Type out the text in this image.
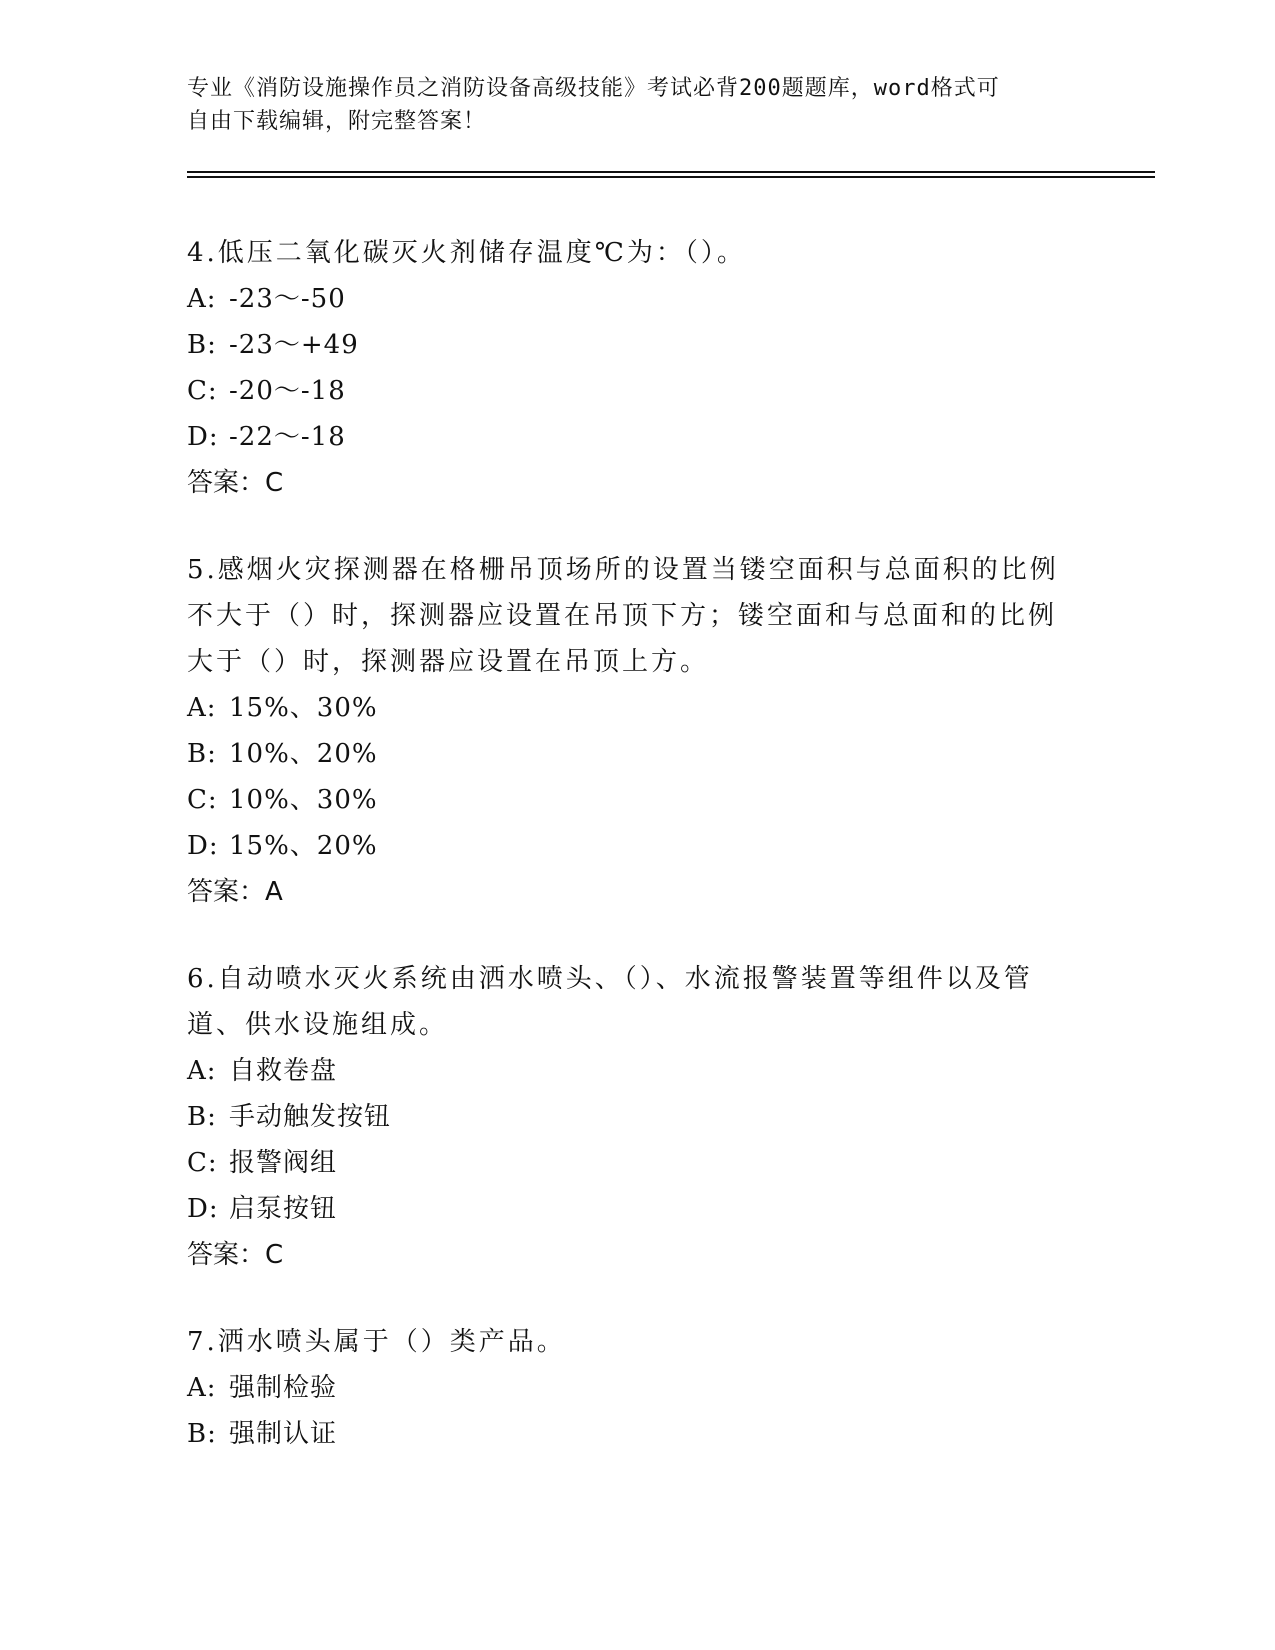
专业《消防设施操作员之消防设备高级技能》考试必背200题题库，word格式可
自由下载编辑，附完整答案！
4.低压二氧化碳灭火剂储存温度℃为：（）。
A: -23～-50
B: -23～+49
C: -20～-18
D: -22～-18
答案：C
5.感烟火灾探测器在格栅吊顶场所的设置当镂空面积与总面积的比例
不大于（）时，探测器应设置在吊顶下方；镂空面和与总面和的比例
大于（）时，探测器应设置在吊顶上方。
A: 15%、30%
B: 10%、20%
C: 10%、30%
D: 15%、20%
答案：A
6.自动喷水灭火系统由洒水喷头、（）、水流报警装置等组件以及管
道、供水设施组成。
A: 自救卷盘
B: 手动触发按钮
C: 报警阀组
D: 启泵按钮
答案：C
7.洒水喷头属于（）类产品。
A: 强制检验
B: 强制认证
